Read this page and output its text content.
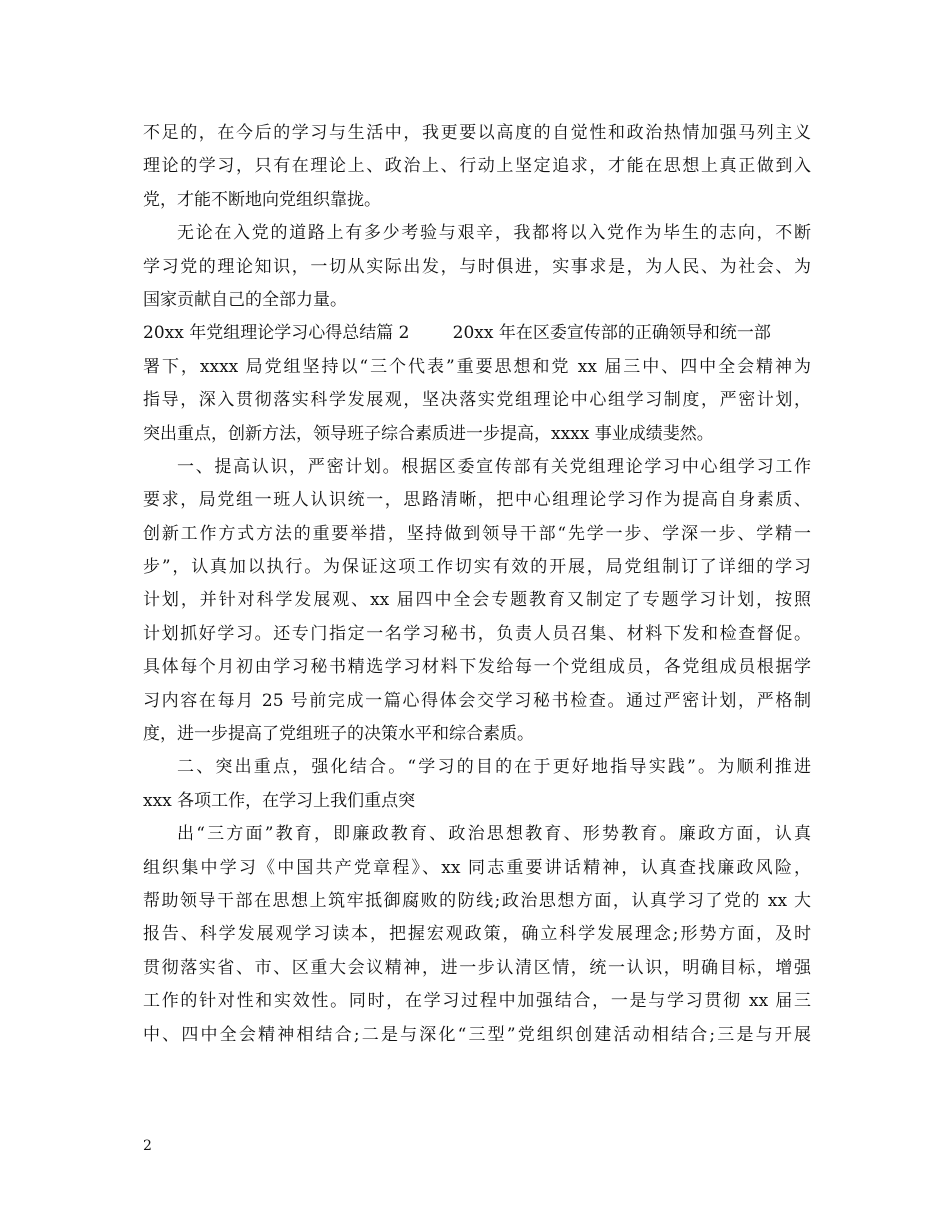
不足的，在今后的学习与生活中，我更要以高度的自觉性和政治热情加强马列主义
理论的学习，只有在理论上、政治上、行动上坚定追求，才能在思想上真正做到入
党，才能不断地向党组织靠拢。
无论在入党的道路上有多少考验与艰辛，我都将以入党作为毕生的志向，不断
学习党的理论知识，一切从实际出发，与时俱进，实事求是，为人民、为社会、为
国家贡献自己的全部力量。
20xx 年党组理论学习心得总结篇 2        20xx 年在区委宣传部的正确领导和统一部
署下，xxxx 局党组坚持以“三个代表”重要思想和党 xx 届三中、四中全会精神为
指导，深入贯彻落实科学发展观，坚决落实党组理论中心组学习制度，严密计划，
突出重点，创新方法，领导班子综合素质进一步提高，xxxx 事业成绩斐然。
一、提高认识，严密计划。根据区委宣传部有关党组理论学习中心组学习工作
要求，局党组一班人认识统一，思路清晰，把中心组理论学习作为提高自身素质、
创新工作方式方法的重要举措，坚持做到领导干部“先学一步、学深一步、学精一
步”，认真加以执行。为保证这项工作切实有效的开展，局党组制订了详细的学习
计划，并针对科学发展观、xx 届四中全会专题教育又制定了专题学习计划，按照
计划抓好学习。还专门指定一名学习秘书，负责人员召集、材料下发和检查督促。
具体每个月初由学习秘书精选学习材料下发给每一个党组成员，各党组成员根据学
习内容在每月 25 号前完成一篇心得体会交学习秘书检查。通过严密计划，严格制
度，进一步提高了党组班子的决策水平和综合素质。
二、突出重点，强化结合。“学习的目的在于更好地指导实践”。为顺利推进
xxx 各项工作，在学习上我们重点突
出“三方面”教育，即廉政教育、政治思想教育、形势教育。廉政方面，认真
组织集中学习《中国共产党章程》、xx 同志重要讲话精神，认真查找廉政风险，
帮助领导干部在思想上筑牢抵御腐败的防线;政治思想方面，认真学习了党的 xx 大
报告、科学发展观学习读本，把握宏观政策，确立科学发展理念;形势方面，及时
贯彻落实省、市、区重大会议精神，进一步认清区情，统一认识，明确目标，增强
工作的针对性和实效性。同时，在学习过程中加强结合，一是与学习贯彻 xx 届三
中、四中全会精神相结合;二是与深化“三型”党组织创建活动相结合;三是与开展
2
